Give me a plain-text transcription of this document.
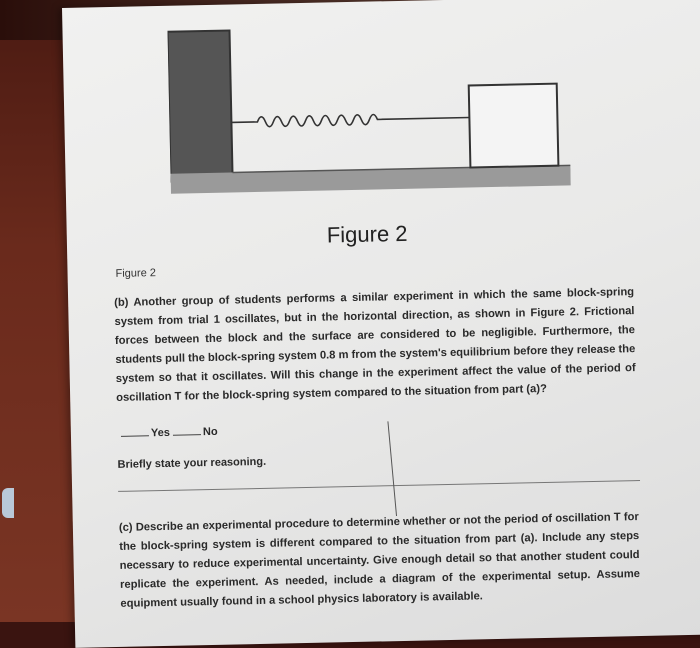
Figure 2
Figure 2
(b) Another group of students performs a similar experiment in which the same block-spring system from trial 1 oscillates, but in the horizontal direction, as shown in Figure 2. Frictional forces between the block and the surface are considered to be negligible. Furthermore, the students pull the block-spring system 0.8 m from the system's equilibrium before they release the system so that it oscillates. Will this change in the experiment affect the value of the period of oscillation T for the block-spring system compared to the situation from part (a)?
Yes	No
Briefly state your reasoning.
(c) Describe an experimental procedure to determine whether or not the period of oscillation T for the block-spring system is different compared to the situation from part (a). Include any steps necessary to reduce experimental uncertainty. Give enough detail so that another student could replicate the experiment. As needed, include a diagram of the experimental setup. Assume equipment usually found in a school physics laboratory is available.
